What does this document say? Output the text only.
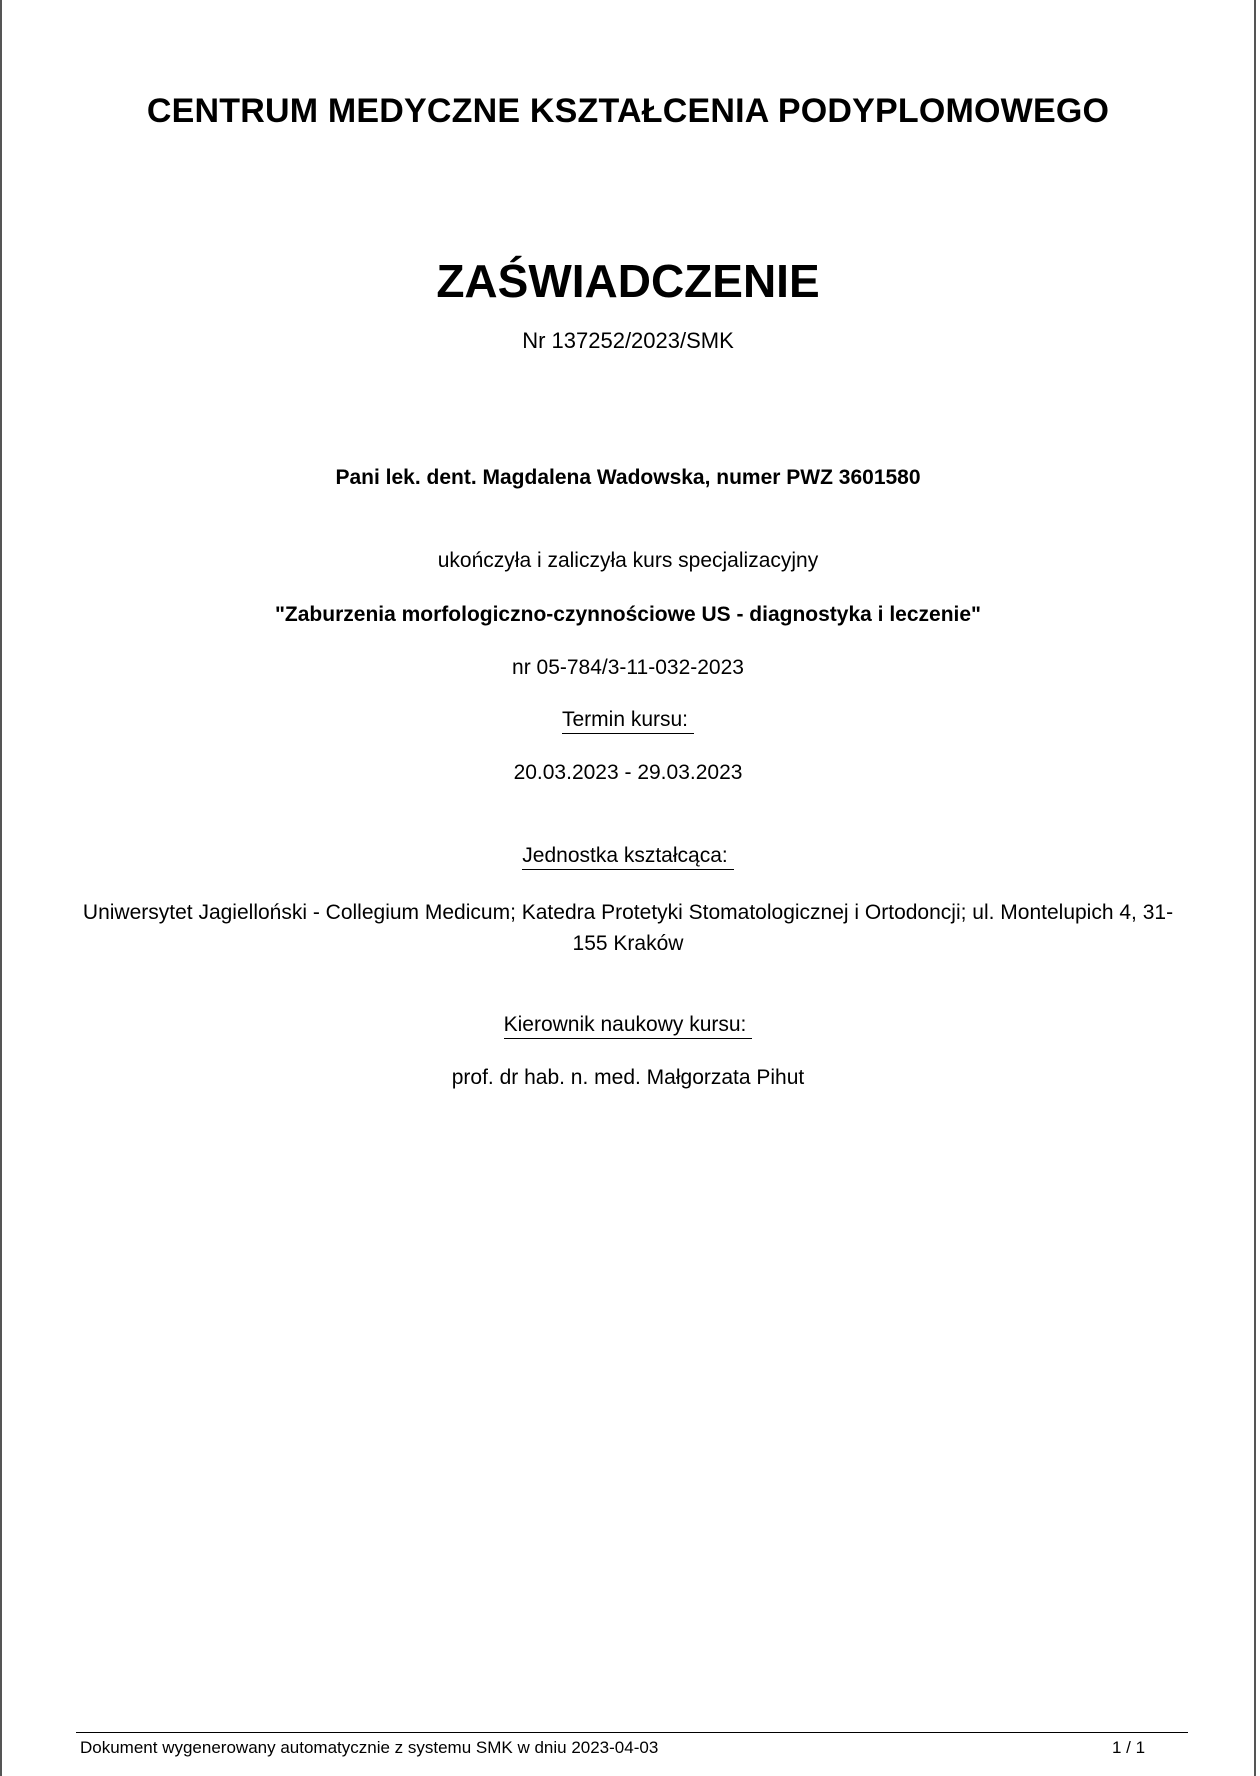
CENTRUM MEDYCZNE KSZTAŁCENIA PODYPLOMOWEGO
ZAŚWIADCZENIE
Nr 137252/2023/SMK
Pani lek. dent. Magdalena Wadowska, numer PWZ 3601580
ukończyła i zaliczyła kurs specjalizacyjny
"Zaburzenia morfologiczno-czynnościowe US - diagnostyka i leczenie"
nr 05-784/3-11-032-2023
Termin kursu:
20.03.2023 - 29.03.2023
Jednostka kształcąca:
Uniwersytet Jagielloński - Collegium Medicum; Katedra Protetyki Stomatologicznej i Ortodoncji; ul. Montelupich 4, 31-155 Kraków
Kierownik naukowy kursu:
prof. dr hab. n. med. Małgorzata Pihut
Dokument wygenerowany automatycznie z systemu SMK w dniu 2023-04-03	1 / 1
